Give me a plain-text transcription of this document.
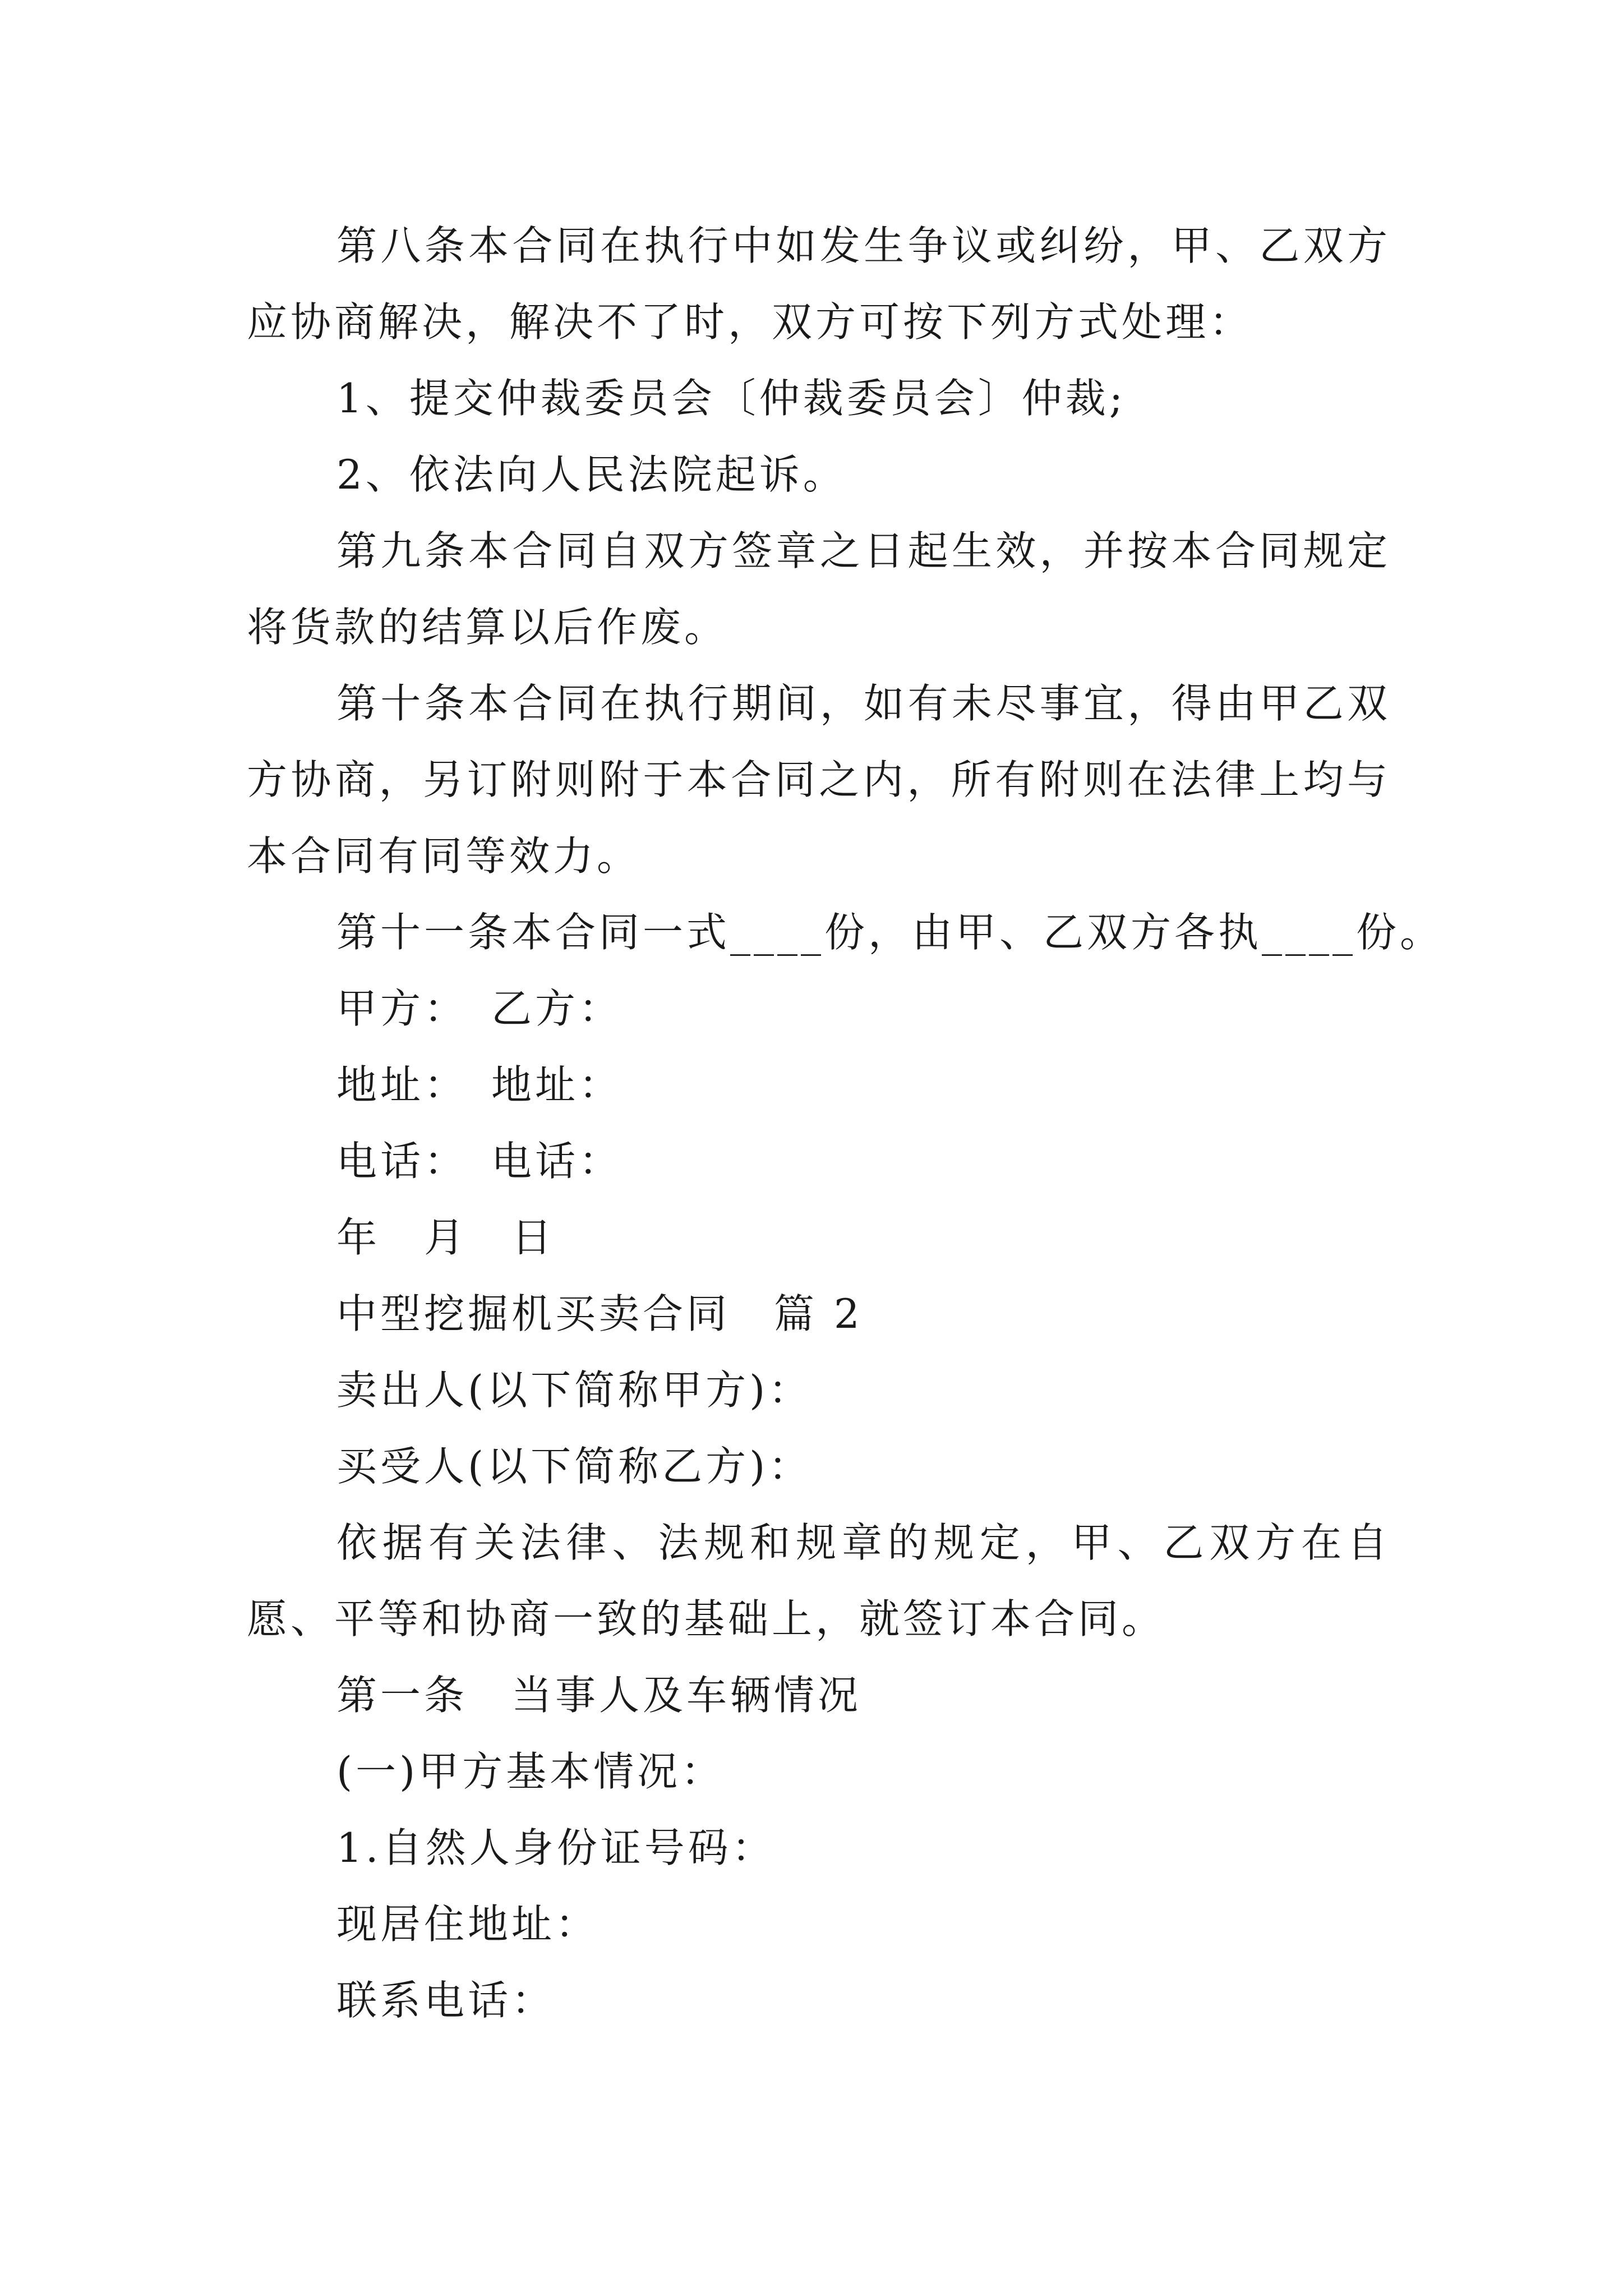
第八条本合同在执行中如发生争议或纠纷，甲、乙双方应协商解决，解决不了时，双方可按下列方式处理：

1、提交仲裁委员会〔仲裁委员会〕仲裁;

2、依法向人民法院起诉。

第九条本合同自双方签章之日起生效，并按本合同规定将货款的结算以后作废。

第十条本合同在执行期间，如有未尽事宜，得由甲乙双方协商，另订附则附于本合同之内，所有附则在法律上均与本合同有同等效力。

第十一条本合同一式____份，由甲、乙双方各执____份。

甲方：　乙方：

地址：　地址：

电话：　电话：

年　月　日

中型挖掘机买卖合同　篇 2

卖出人(以下简称甲方)：

买受人(以下简称乙方)：

依据有关法律、法规和规章的规定，甲、乙双方在自愿、平等和协商一致的基础上，就签订本合同。

第一条　当事人及车辆情况

(一)甲方基本情况：

1.自然人身份证号码：

现居住地址：

联系电话：
